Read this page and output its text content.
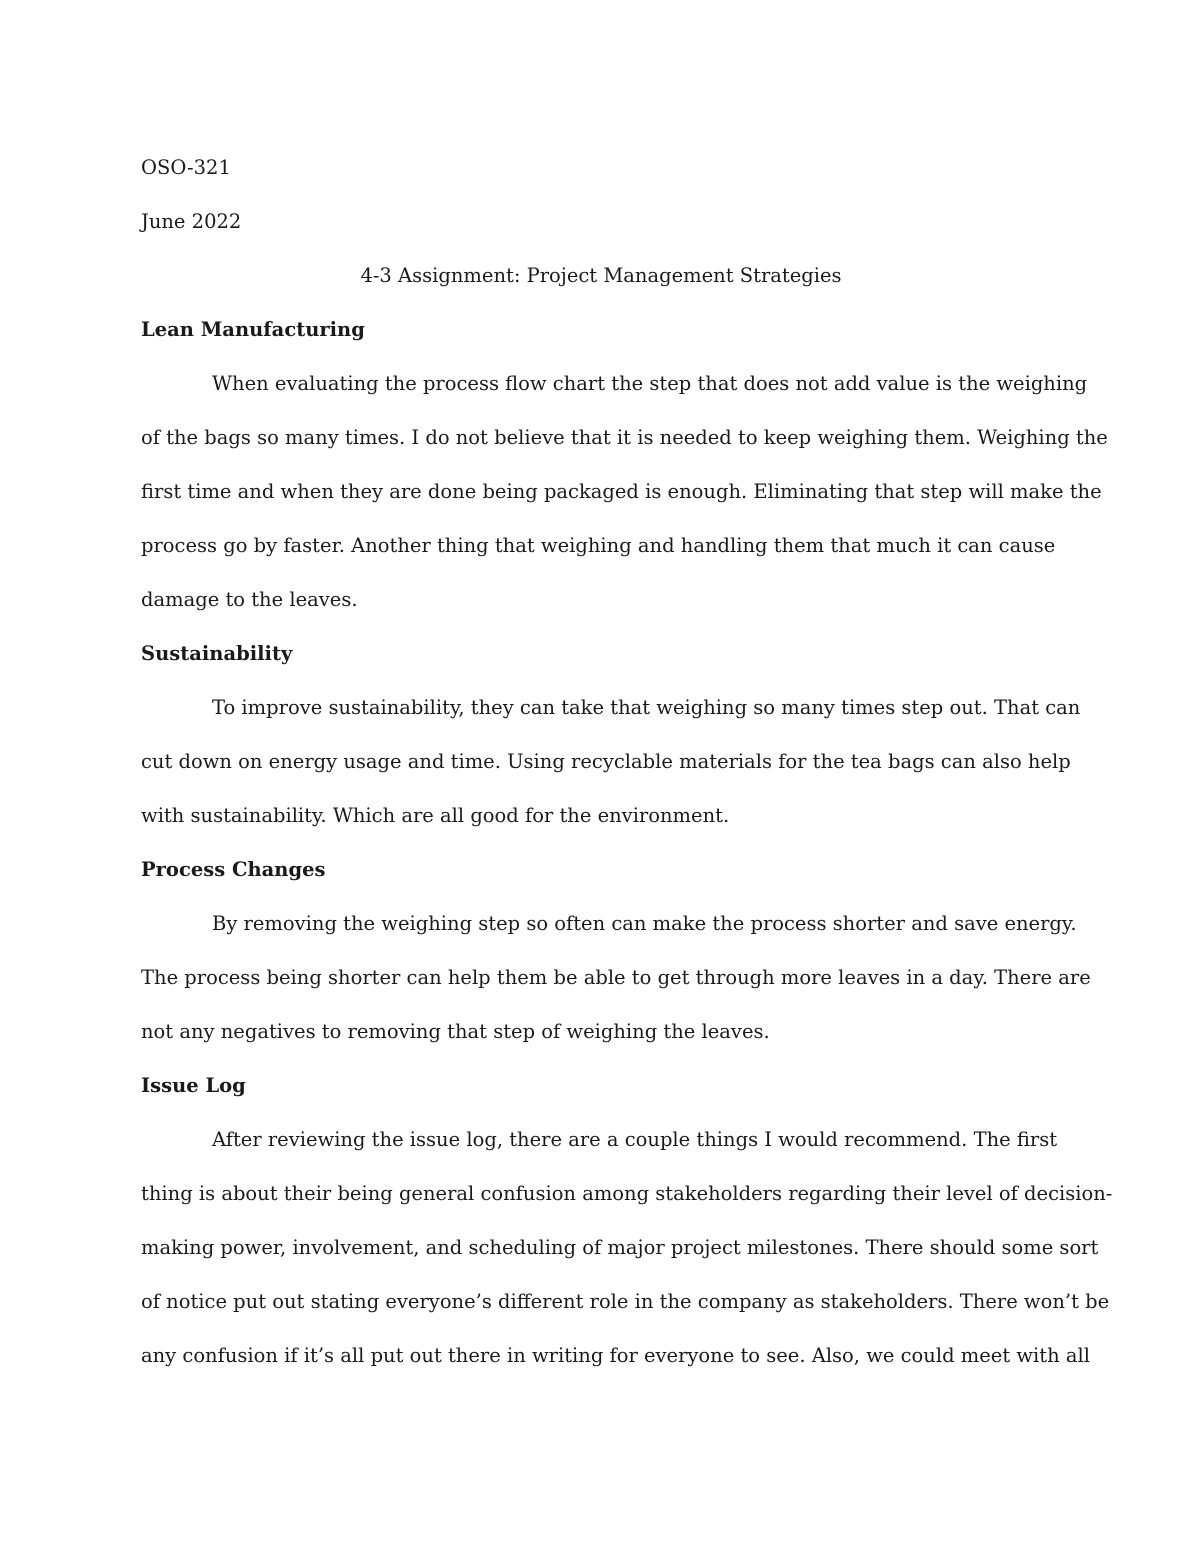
OSO-321

June 2022

4-3 Assignment: Project Management Strategies

Lean Manufacturing

When evaluating the process flow chart the step that does not add value is the weighing

of the bags so many times. I do not believe that it is needed to keep weighing them. Weighing the

first time and when they are done being packaged is enough. Eliminating that step will make the

process go by faster. Another thing that weighing and handling them that much it can cause

damage to the leaves.

Sustainability

To improve sustainability, they can take that weighing so many times step out. That can

cut down on energy usage and time. Using recyclable materials for the tea bags can also help

with sustainability. Which are all good for the environment.

Process Changes

By removing the weighing step so often can make the process shorter and save energy.

The process being shorter can help them be able to get through more leaves in a day. There are

not any negatives to removing that step of weighing the leaves.

Issue Log

After reviewing the issue log, there are a couple things I would recommend. The first

thing is about their being general confusion among stakeholders regarding their level of decision-

making power, involvement, and scheduling of major project milestones. There should some sort

of notice put out stating everyone’s different role in the company as stakeholders. There won’t be

any confusion if it’s all put out there in writing for everyone to see. Also, we could meet with all
